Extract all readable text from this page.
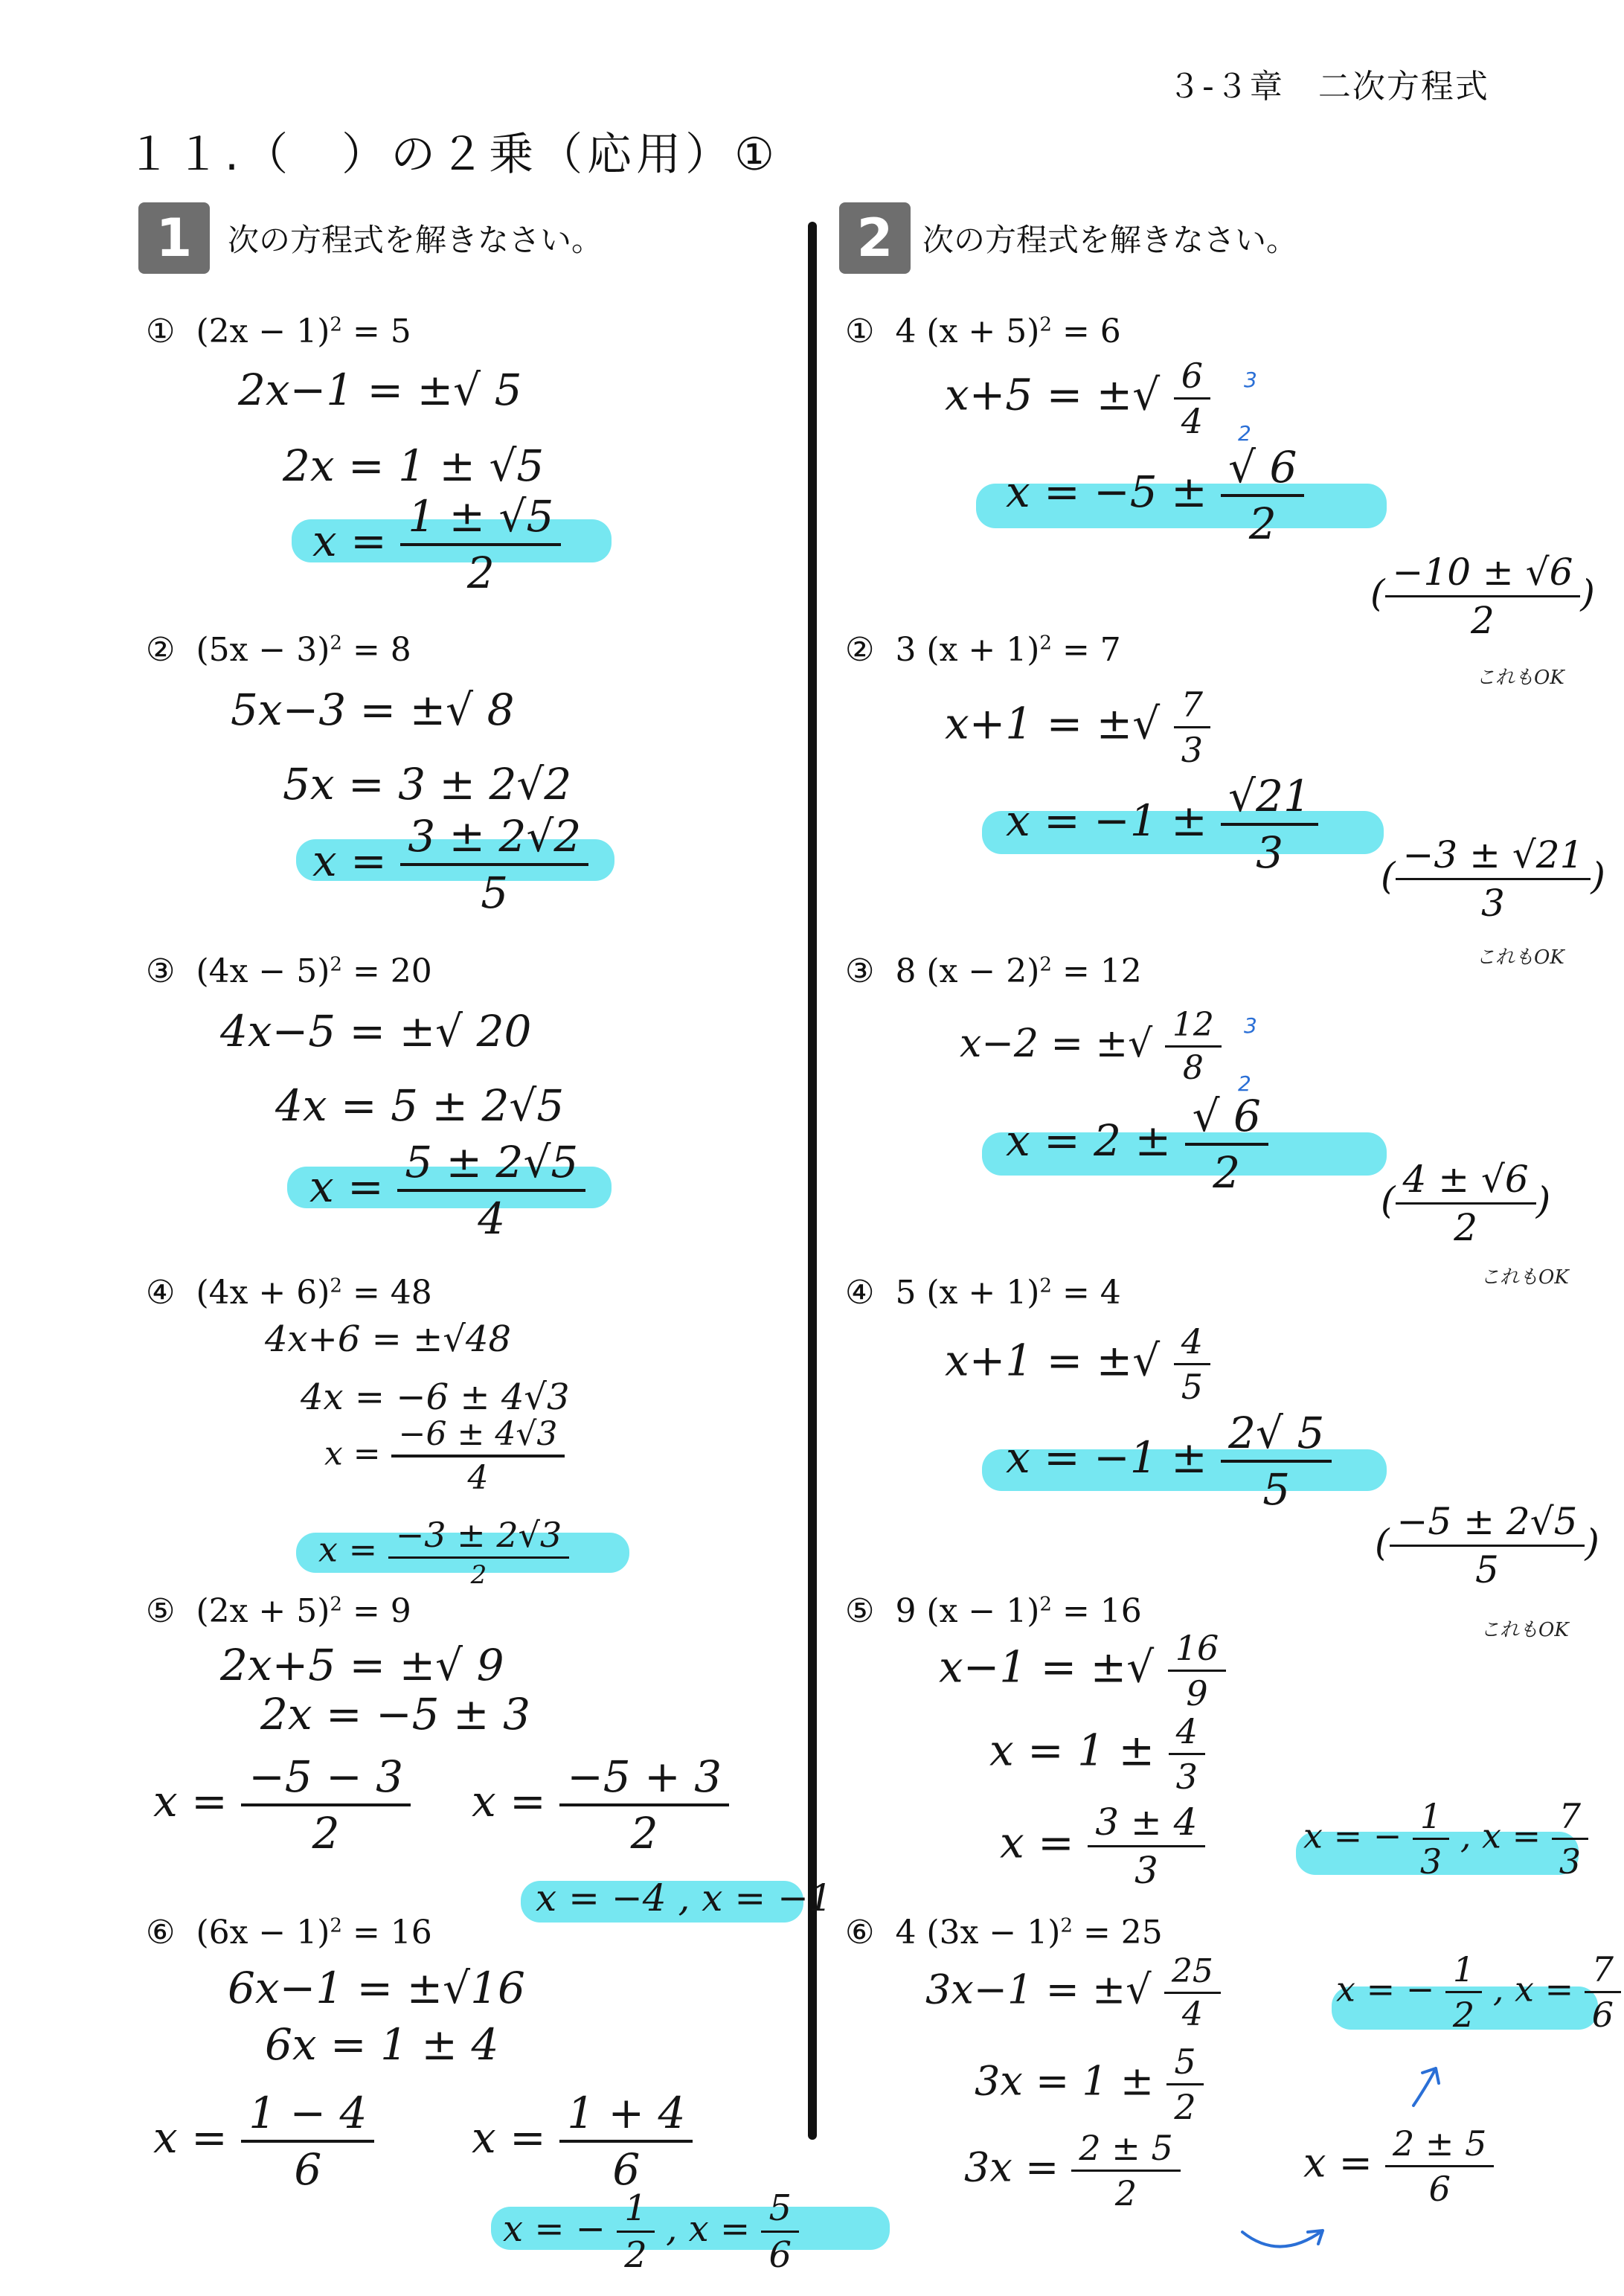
３-３章　二次方程式
１１.（　）の２乗（応用）①
1	次の方程式を解きなさい。	2 次の方程式を解きなさい。
① $(2x - 1)^2 = 5$
2x−1 = ±√ 5
2x = 1 ± √5
$x = \frac{1 \pm √5}{2}$
② $(5x - 3)^2 = 8$
5x−3 = ±√ 8
5x = 3 ± 2√2
$x = \frac{3 \pm 2√2}{5}$
③ $(4x - 5)^2 = 20$
4x−5 = ±√ 20
4x = 5 ± 2√5
$x = \frac{5 \pm 2√5}{4}$
④ $(4x + 6)^2 = 48$
4x+6 = ±√48
4x = −6 ± 4√3
$x = \frac{-6 \pm 4√3}{4}$
$x = \frac{-3 \pm 2√3}{2}$
⑤ $(2x + 5)^2 = 9$
2x+5 = ±√ 9
2x = −5 ± 3
$x = \frac{-5 - 3}{2}$ $x = \frac{-5 + 3}{2}$
x = −4 , x = −1
⑥ $(6x - 1)^2 = 16$
6x−1 = ±√16
6x = 1 ± 4
$x = \frac{1 - 4}{6}$ $x = \frac{1 + 4}{6}$
x = − $\frac{1}{2}$ , $x = \frac{5}{6}$
① 4 $(x + 5)^2 = 6$
x+5 = ±√ $\frac{6}{4} 3$
2
$x = -5 \pm \frac{√ 6}{2}$
( $\frac{-10 \pm √6}{2}$ )
これもOK
② 3 $(x + 1)^2 = 7$
x+1 = ±√ $\frac{7}{3}$
$x = -1 \pm \frac{√21}{3}$ ( $\frac{-3 \pm √21}{3}$ )
これもOK
③ 8 $(x - 2)^2 = 12$
x−2 = ±√ $\frac{12}{8} 3$
2
$x = 2 \pm \frac{√ 6}{2}$
( $\frac{4 \pm √6}{2}$ )
これもOK
④ 5 $(x + 1)^2 = 4$
x+1 = ±√ $\frac{4}{5}$
$x = -1 \pm \frac{2√ 5}{5}$
( $\frac{-5 \pm 2√5}{5}$ )
これもOK
⑤ 9 $(x - 1)^2 = 16$
x−1 = ±√ $\frac{16}{9}$
$x = 1 \pm \frac{4}{3}$
$x = \frac{3 \pm 4}{3}$	x = − $\frac{1}{3}$ , $x = \frac{7}{3}$
⑥ 4 $(3x - 1)^2 = 25$
3x−1 = ±√ $\frac{25}{4}$
$3x = 1 \pm \frac{5}{2}$
$3x = \frac{2 \pm 5}{2}$	$x = \frac{2 \pm 5}{6}$
x = − $\frac{1}{2}$ , $x = \frac{7}{6}$
